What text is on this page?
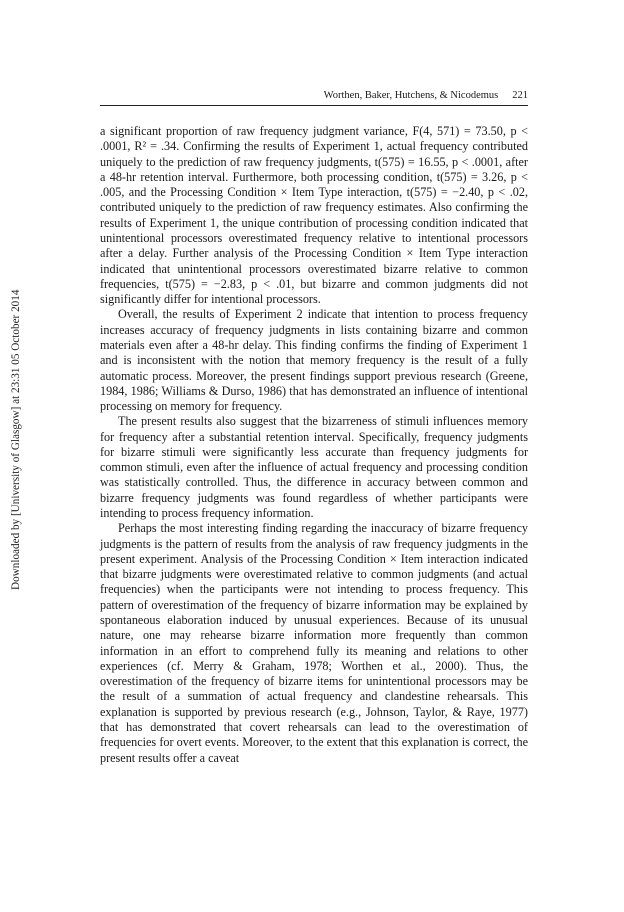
Downloaded by [University of Glasgow] at 23:31 05 October 2014
Worthen, Baker, Hutchens, & Nicodemus 221

a significant proportion of raw frequency judgment variance, F(4, 571) = 73.50, p < .0001, R² = .34. Confirming the results of Experiment 1, actual frequency contributed uniquely to the prediction of raw frequency judgments, t(575) = 16.55, p < .0001, after a 48-hr retention interval. Furthermore, both processing condition, t(575) = 3.26, p < .005, and the Processing Condition × Item Type interaction, t(575) = −2.40, p < .02, contributed uniquely to the prediction of raw frequency estimates. Also confirming the results of Experiment 1, the unique contribution of processing condition indicated that unintentional processors overestimated frequency relative to intentional processors after a delay. Further analysis of the Processing Condition × Item Type interaction indicated that unintentional processors overestimated bizarre relative to common frequencies, t(575) = −2.83, p < .01, but bizarre and common judgments did not significantly differ for intentional processors.

Overall, the results of Experiment 2 indicate that intention to process frequency increases accuracy of frequency judgments in lists containing bizarre and common materials even after a 48-hr delay. This finding confirms the finding of Experiment 1 and is inconsistent with the notion that memory frequency is the result of a fully automatic process. Moreover, the present findings support previous research (Greene, 1984, 1986; Williams & Durso, 1986) that has demonstrated an influence of intentional processing on memory for frequency.

The present results also suggest that the bizarreness of stimuli influences memory for frequency after a substantial retention interval. Specifically, frequency judgments for bizarre stimuli were significantly less accurate than frequency judgments for common stimuli, even after the influence of actual frequency and processing condition was statistically controlled. Thus, the difference in accuracy between common and bizarre frequency judgments was found regardless of whether participants were intending to process frequency information.

Perhaps the most interesting finding regarding the inaccuracy of bizarre frequency judgments is the pattern of results from the analysis of raw frequency judgments in the present experiment. Analysis of the Processing Condition × Item interaction indicated that bizarre judgments were overestimated relative to common judgments (and actual frequencies) when the participants were not intending to process frequency. This pattern of overestimation of the frequency of bizarre information may be explained by spontaneous elaboration induced by unusual experiences. Because of its unusual nature, one may rehearse bizarre information more frequently than common information in an effort to comprehend fully its meaning and relations to other experiences (cf. Merry & Graham, 1978; Worthen et al., 2000). Thus, the overestimation of the frequency of bizarre items for unintentional processors may be the result of a summation of actual frequency and clandestine rehearsals. This explanation is supported by previous research (e.g., Johnson, Taylor, & Raye, 1977) that has demonstrated that covert rehearsals can lead to the overestimation of frequencies for overt events. Moreover, to the extent that this explanation is correct, the present results offer a caveat
